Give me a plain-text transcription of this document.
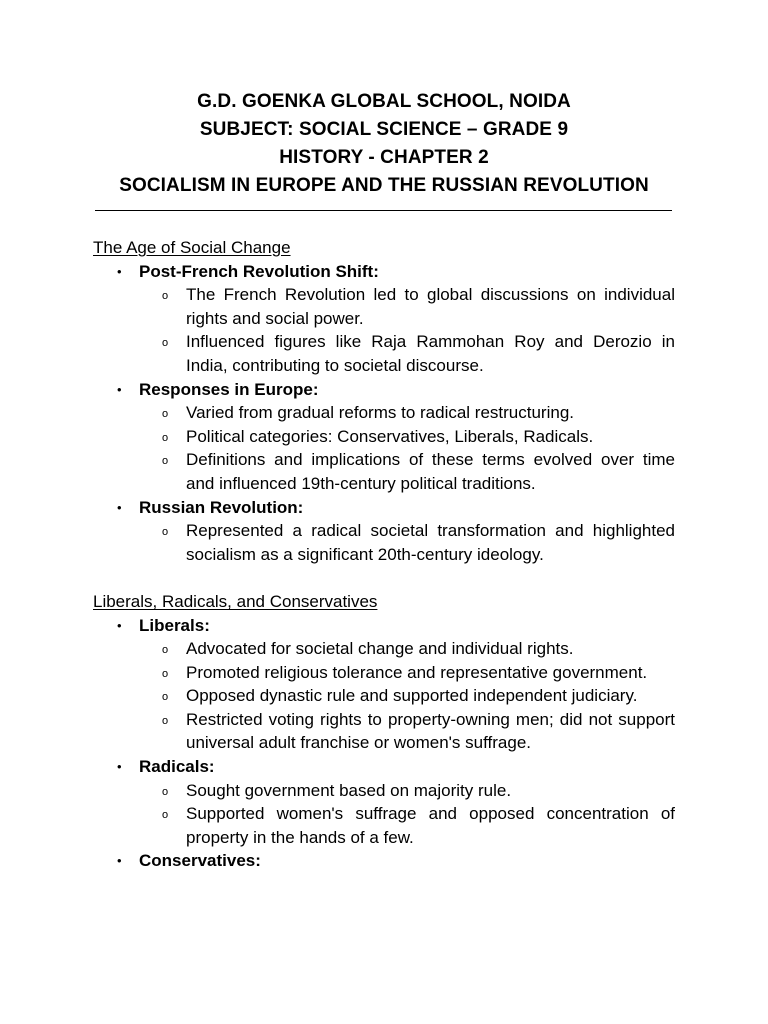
G.D. GOENKA GLOBAL SCHOOL, NOIDA
SUBJECT: SOCIAL SCIENCE – GRADE 9
HISTORY - CHAPTER 2
SOCIALISM IN EUROPE AND THE RUSSIAN REVOLUTION
The Age of Social Change
• Post-French Revolution Shift:
o The French Revolution led to global discussions on individual rights and social power.
o Influenced figures like Raja Rammohan Roy and Derozio in India, contributing to societal discourse.
• Responses in Europe:
o Varied from gradual reforms to radical restructuring.
o Political categories: Conservatives, Liberals, Radicals.
o Definitions and implications of these terms evolved over time and influenced 19th-century political traditions.
• Russian Revolution:
o Represented a radical societal transformation and highlighted socialism as a significant 20th-century ideology.
Liberals, Radicals, and Conservatives
• Liberals:
o Advocated for societal change and individual rights.
o Promoted religious tolerance and representative government.
o Opposed dynastic rule and supported independent judiciary.
o Restricted voting rights to property-owning men; did not support universal adult franchise or women's suffrage.
• Radicals:
o Sought government based on majority rule.
o Supported women's suffrage and opposed concentration of property in the hands of a few.
• Conservatives:
